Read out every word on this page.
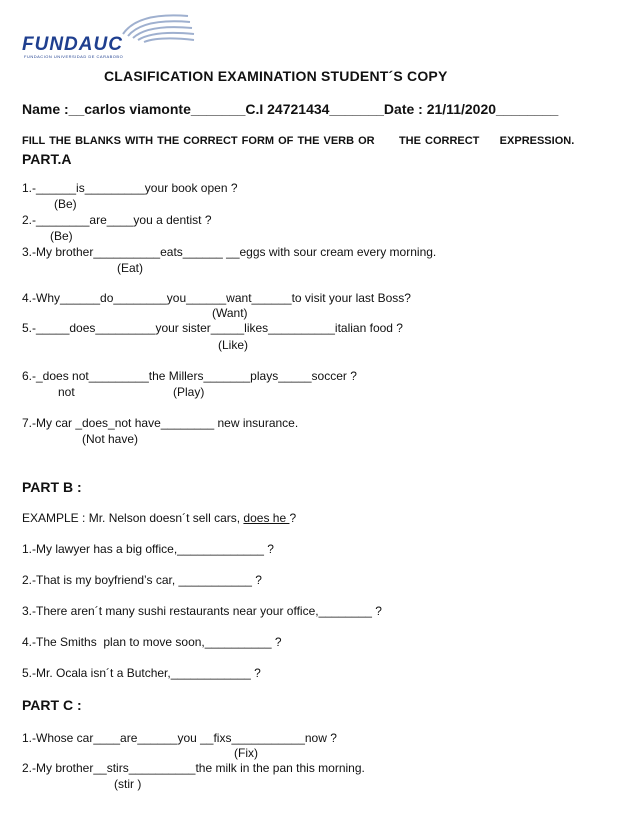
FUNDAUC
FUNDACION UNIVERSIDAD DE CARABOBO
CLASIFICATION EXAMINATION STUDENT´S COPY
Name :__carlos viamonte_______C.I 24721434_______Date : 21/11/2020________
FILL THE BLANKS WITH THE CORRECT FORM OF THE VERB OR      THE CORRECT     EXPRESSION.
PART.A
1.-______is_________your book open ?
(Be)
2.-________are____you a dentist ?
(Be)
3.-My brother__________eats______ __eggs with sour cream every morning.
(Eat)
4.-Why______do________you______want______to visit your last Boss?
(Want)
5.-_____does_________your sister_____likes__________italian food ?
(Like)
6.-_does not_________the Millers_______plays_____soccer ?
not	(Play)
7.-My car _does_not have________ new insurance.
(Not have)
PART B :
EXAMPLE : Mr. Nelson doesn´t sell cars, does he ?
1.-My lawyer has a big office,_____________ ?
2.-That is my boyfriend’s car, ___________ ?
3.-There aren´t many sushi restaurants near your office,________ ?
4.-The Smiths  plan to move soon,__________ ?
5.-Mr. Ocala isn´t a Butcher,____________ ?
PART C :
1.-Whose car____are______you __fixs___________now ?
(Fix)
2.-My brother__stirs__________the milk in the pan this morning.
(stir )
